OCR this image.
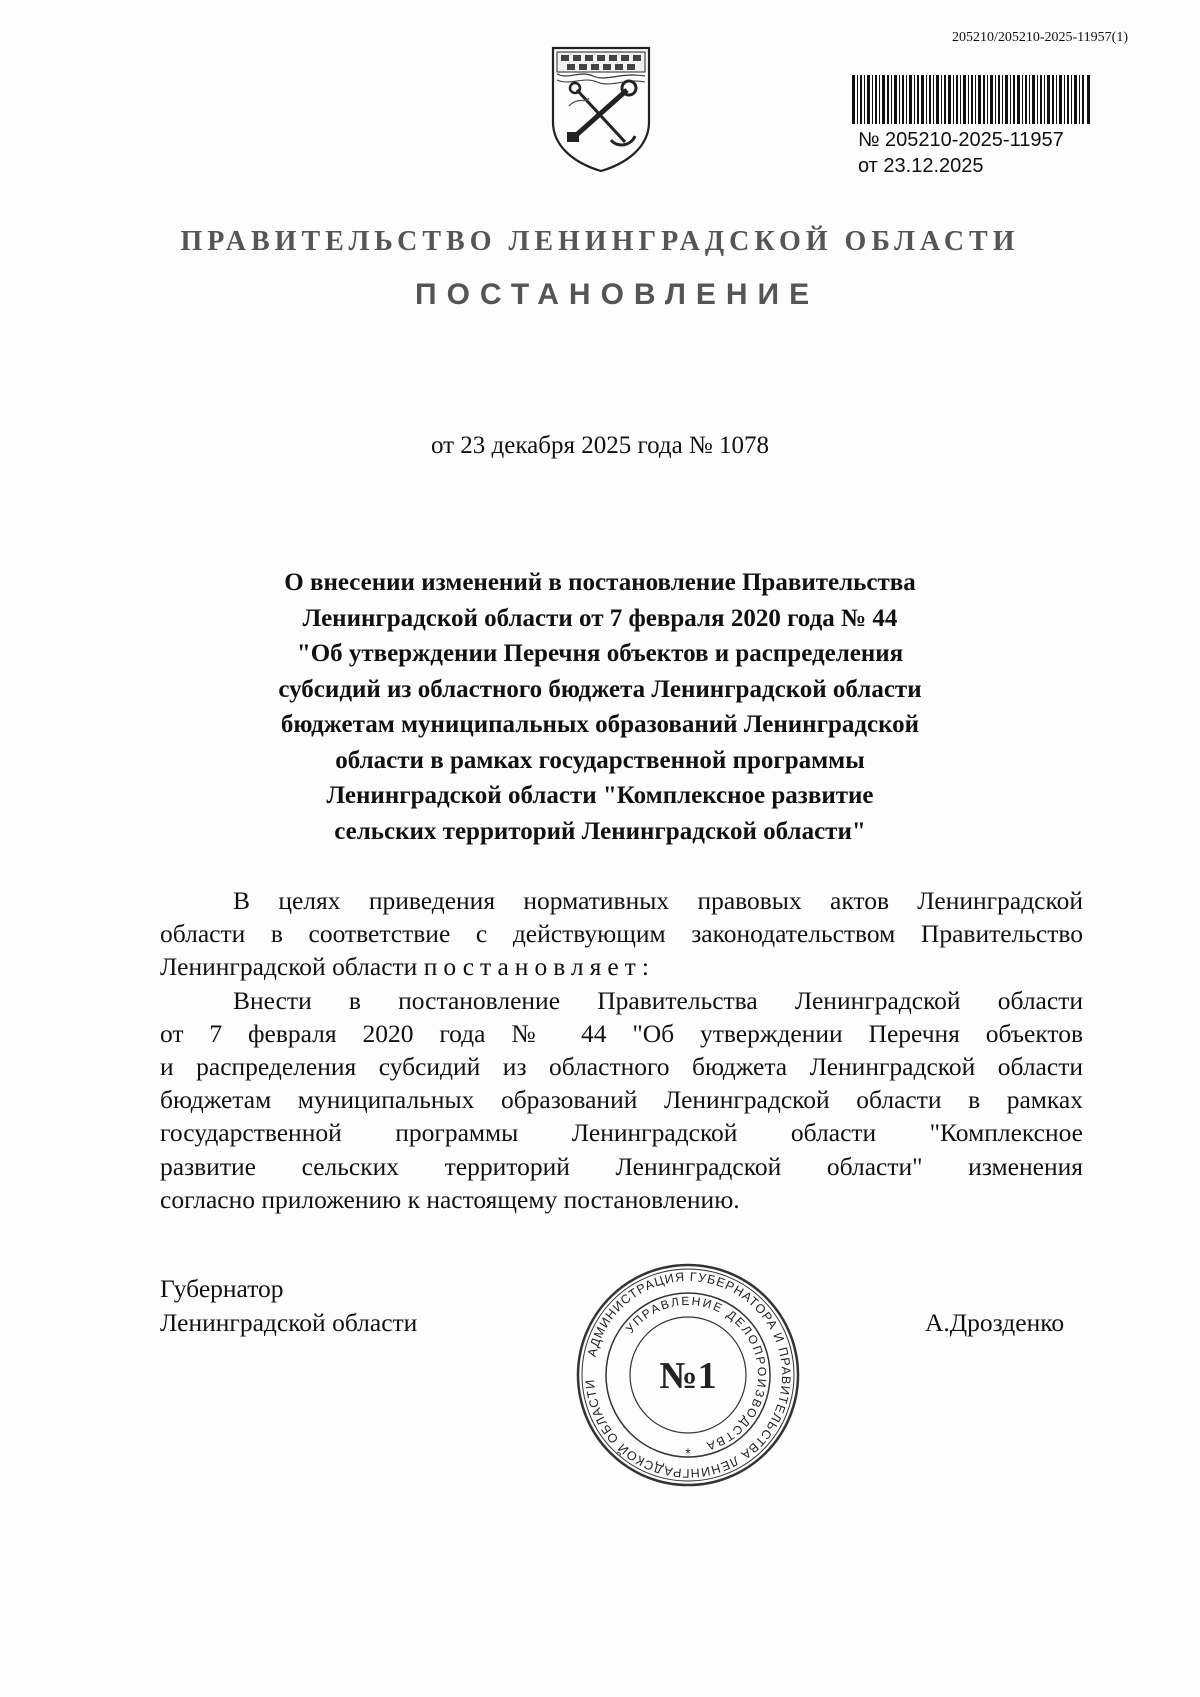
205210/205210-2025-11957(1)
№ 205210-2025-11957
от 23.12.2025
ПРАВИТЕЛЬСТВО ЛЕНИНГРАДСКОЙ ОБЛАСТИ
ПОСТАНОВЛЕНИЕ
от 23 декабря 2025 года № 1078
О внесении изменений в постановление Правительства
Ленинградской области от 7 февраля 2020 года № 44
"Об утверждении Перечня объектов и распределения
субсидий из областного бюджета Ленинградской области
бюджетам муниципальных образований Ленинградской
области в рамках государственной программы
Ленинградской области "Комплексное развитие
сельских территорий Ленинградской области"
В целях приведения нормативных правовых актов Ленинградской
области в соответствие с действующим законодательством Правительство
Ленинградской области постановляет:
Внести в постановление Правительства Ленинградской области
от 7 февраля 2020 года № 44 "Об утверждении Перечня объектов
и распределения субсидий из областного бюджета Ленинградской области
бюджетам муниципальных образований Ленинградской области в рамках
государственной программы Ленинградской области "Комплексное
развитие сельских территорий Ленинградской области" изменения
согласно приложению к настоящему постановлению.
Губернатор
Ленинградской области	А.Дрозденко
АДМИНИСТРАЦИЯ ГУБЕРНАТОРА И ПРАВИТЕЛЬСТВА ЛЕНИНГРАДСКОЙ ОБЛАСТИ
УПРАВЛЕНИЕ ДЕЛОПРОИЗВОДСТВА
№1
*
